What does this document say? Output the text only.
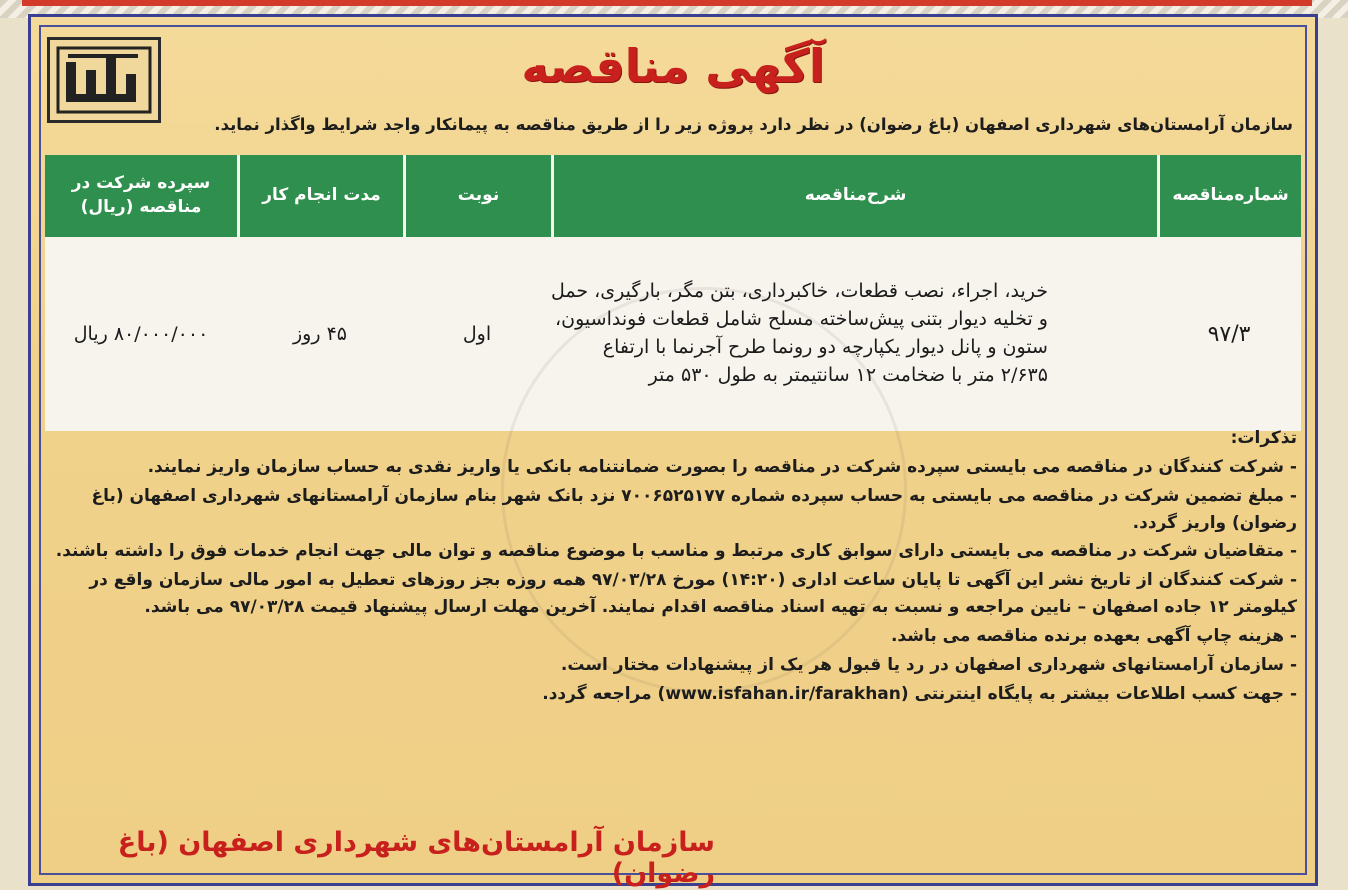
آگهی مناقصه
سازمان آرامستان‌های شهرداری اصفهان (باغ رضوان) در نظر دارد پروژه زیر را از طریق مناقصه به پیمانکار واجد شرایط واگذار نماید.
شماره‌مناقصه
شرح‌مناقصه
نوبت
مدت انجام کار
سپرده شرکت در مناقصه (ریال)
۹۷/۳
خرید، اجراء، نصب قطعات، خاکبرداری، بتن مگر، بارگیری، حمل
و تخلیه دیوار بتنی پیش‌ساخته مسلح شامل قطعات فونداسیون،
ستون و پانل دیوار یکپارچه دو رونما طرح آجرنما با ارتفاع
۲/۶۳۵ متر با ضخامت ۱۲ سانتیمتر به طول ۵۳۰ متر
اول
۴۵ روز
۸۰/۰۰۰/۰۰۰ ریال
تذکرات:

- شرکت کنندگان در مناقصه می بایستی سپرده شرکت در مناقصه را بصورت ضمانتنامه بانکی یا واریز نقدی به حساب سازمان واریز نمایند.

- مبلغ تضمین شرکت در مناقصه می بایستی به حساب سپرده شماره ۷۰۰۶۵۲۵۱۷۷ نزد بانک شهر بنام سازمان آرامستانهای شهرداری اصفهان (باغ رضوان) واریز گردد.

- متقاضیان شرکت در مناقصه می بایستی دارای سوابق کاری مرتبط و مناسب با موضوع مناقصه و توان مالی جهت انجام خدمات فوق را داشته باشند.

- شرکت کنندگان از تاریخ نشر این آگهی تا پایان ساعت اداری (۱۴:۲۰) مورخ ۹۷/۰۳/۲۸ همه روزه بجز روزهای تعطیل به امور مالی سازمان واقع در کیلومتر ۱۲ جاده اصفهان – نایین مراجعه و نسبت به تهیه اسناد مناقصه اقدام نمایند. آخرین مهلت ارسال پیشنهاد قیمت ۹۷/۰۳/۲۸ می باشد.

- هزینه چاپ آگهی بعهده برنده مناقصه می باشد.

- سازمان آرامستانهای شهرداری اصفهان در رد یا قبول هر یک از پیشنهادات مختار است.

- جهت کسب اطلاعات بیشتر به پایگاه اینترنتی (www.isfahan.ir/farakhan) مراجعه گردد.

سازمان آرامستان‌های شهرداری اصفهان (باغ رضوان)
